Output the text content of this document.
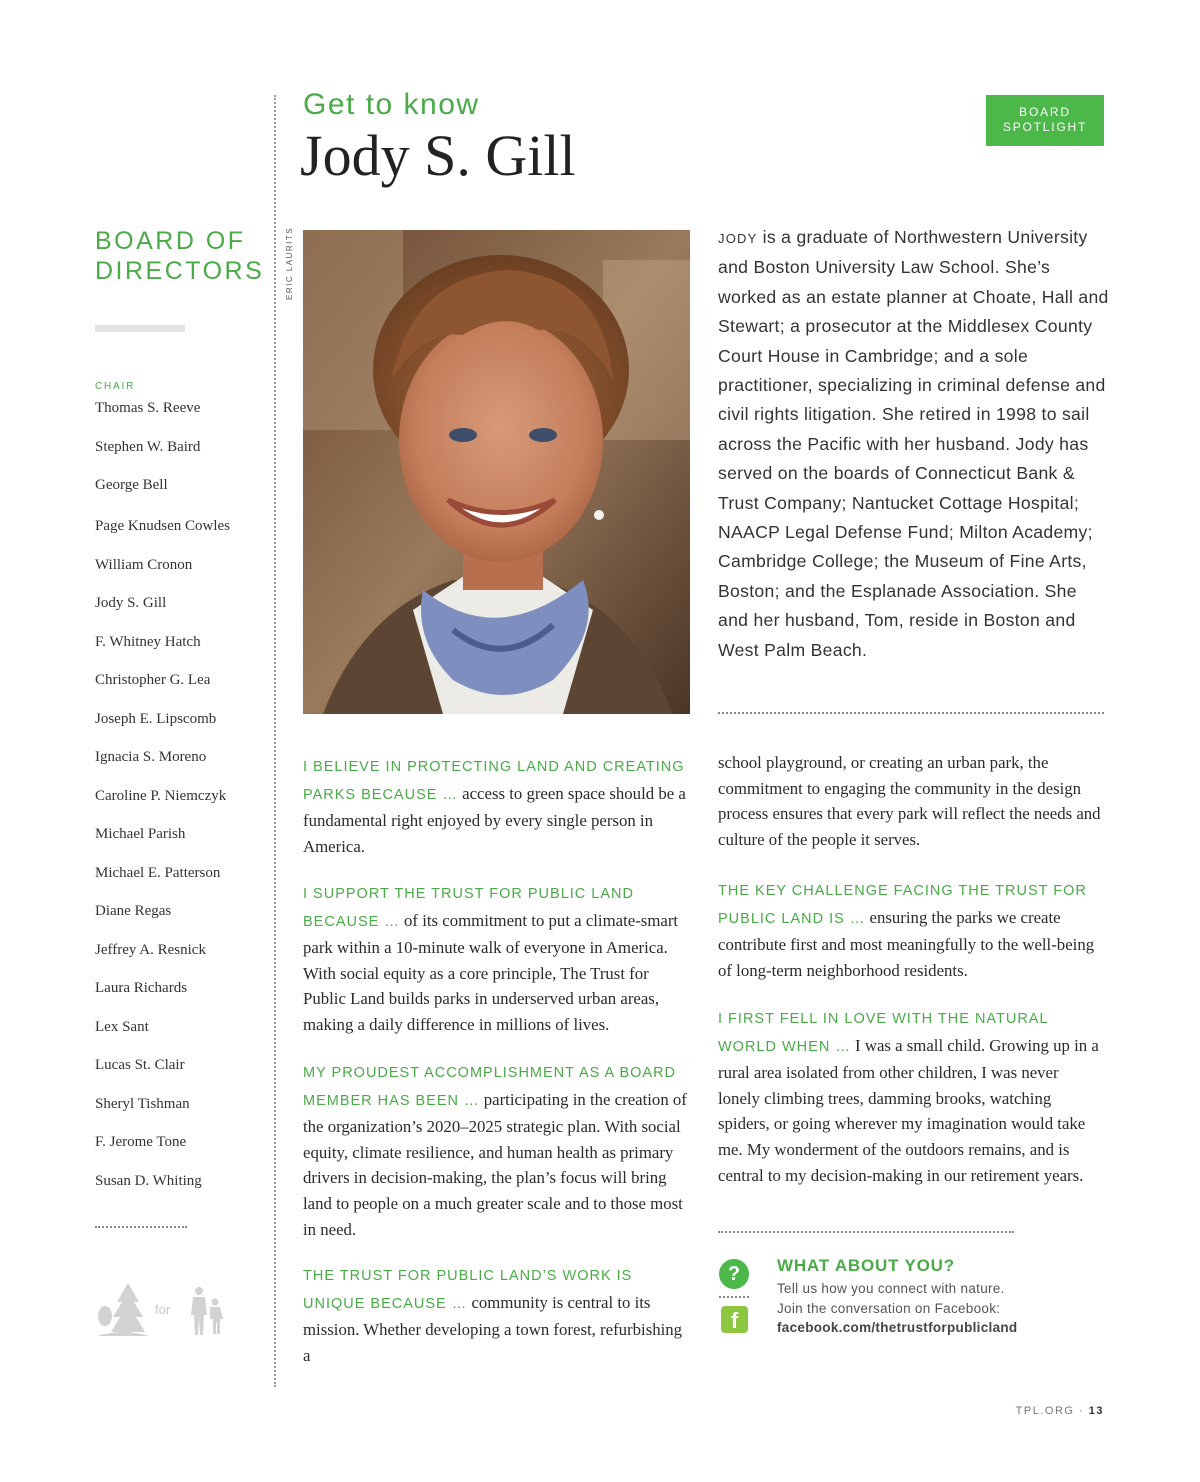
BOARD OF DIRECTORS
CHAIR
Thomas S. Reeve
Stephen W. Baird
George Bell
Page Knudsen Cowles
William Cronon
Jody S. Gill
F. Whitney Hatch
Christopher G. Lea
Joseph E. Lipscomb
Ignacia S. Moreno
Caroline P. Niemczyk
Michael Parish
Michael E. Patterson
Diane Regas
Jeffrey A. Resnick
Laura Richards
Lex Sant
Lucas St. Clair
Sheryl Tishman
F. Jerome Tone
Susan D. Whiting
for
Get to know
Jody S. Gill
BOARD SPOTLIGHT
ERIC LAURITS	JODY is a graduate of Northwestern University and Boston University Law School. She’s worked as an estate planner at Choate, Hall and Stewart; a prosecutor at the Middlesex County Court House in Cambridge; and a sole practitioner, specializing in criminal defense and civil rights litigation. She retired in 1998 to sail across the Pacific with her husband. Jody has served on the boards of Connecticut Bank & Trust Company; Nantucket Cottage Hospital; NAACP Legal Defense Fund; Milton Academy; Cambridge College; the Museum of Fine Arts, Boston; and the Esplanade Association. She and her husband, Tom, reside in Boston and West Palm Beach.
I BELIEVE IN PROTECTING LAND AND CREATING PARKS BECAUSE … access to green space should be a fundamental right enjoyed by every single person in America.
I SUPPORT THE TRUST FOR PUBLIC LAND BECAUSE … of its commitment to put a climate-smart park within a 10-minute walk of everyone in America. With social equity as a core principle, The Trust for Public Land builds parks in underserved urban areas, making a daily difference in millions of lives.
MY PROUDEST ACCOMPLISHMENT AS A BOARD MEMBER HAS BEEN … participating in the creation of the organization’s 2020–2025 strategic plan. With social equity, climate resilience, and human health as primary drivers in decision-making, the plan’s focus will bring land to people on a much greater scale and to those most in need.
THE TRUST FOR PUBLIC LAND’S WORK IS UNIQUE BECAUSE … community is central to its mission. Whether developing a town forest, refurbishing a
school playground, or creating an urban park, the commitment to engaging the community in the design process ensures that every park will reflect the needs and culture of the people it serves.
THE KEY CHALLENGE FACING THE TRUST FOR PUBLIC LAND IS … ensuring the parks we create contribute first and most meaningfully to the well-being of long-term neighborhood residents.
I FIRST FELL IN LOVE WITH THE NATURAL WORLD WHEN … I was a small child. Growing up in a rural area isolated from other children, I was never lonely climbing trees, damming brooks, watching spiders, or going wherever my imagination would take me. My wonderment of the outdoors remains, and is central to my decision-making in our retirement years.
?
f
WHAT ABOUT YOU?
Tell us how you connect with nature.
Join the conversation on Facebook:
facebook.com/thetrustforpublicland
TPL.ORG · 13
